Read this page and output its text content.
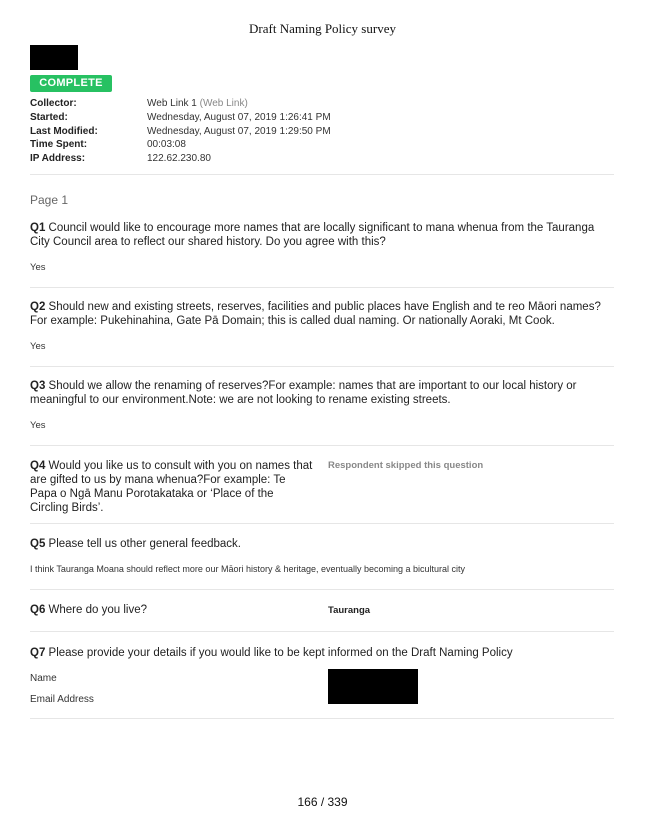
Draft Naming Policy survey
COMPLETE
Collector:	Web Link 1 (Web Link)
Started:	Wednesday, August 07, 2019 1:26:41 PM
Last Modified:	Wednesday, August 07, 2019 1:29:50 PM
Time Spent:	00:03:08
IP Address:	122.62.230.80
Page 1
Q1 Council would like to encourage more names that are locally significant to mana whenua from the Tauranga City Council area to reflect our shared history. Do you agree with this?
Yes
Q2 Should new and existing streets, reserves, facilities and public places have English and te reo Māori names?For example: Pukehinahina, Gate Pā Domain; this is called dual naming. Or nationally Aoraki, Mt Cook.
Yes
Q3 Should we allow the renaming of reserves?For example: names that are important to our local history or meaningful to our environment.Note: we are not looking to rename existing streets.
Yes
Q4 Would you like us to consult with you on names that are gifted to us by mana whenua?For example: Te Papa o Ngā Manu Porotakataka or ‘Place of the Circling Birds’.
Respondent skipped this question
Q5 Please tell us other general feedback.
I think Tauranga Moana should reflect more our Māori history & heritage, eventually becoming a bicultural city
Q6 Where do you live?	Tauranga
Q7 Please provide your details if you would like to be kept informed on the Draft Naming Policy
Name
Email Address
166 / 339
